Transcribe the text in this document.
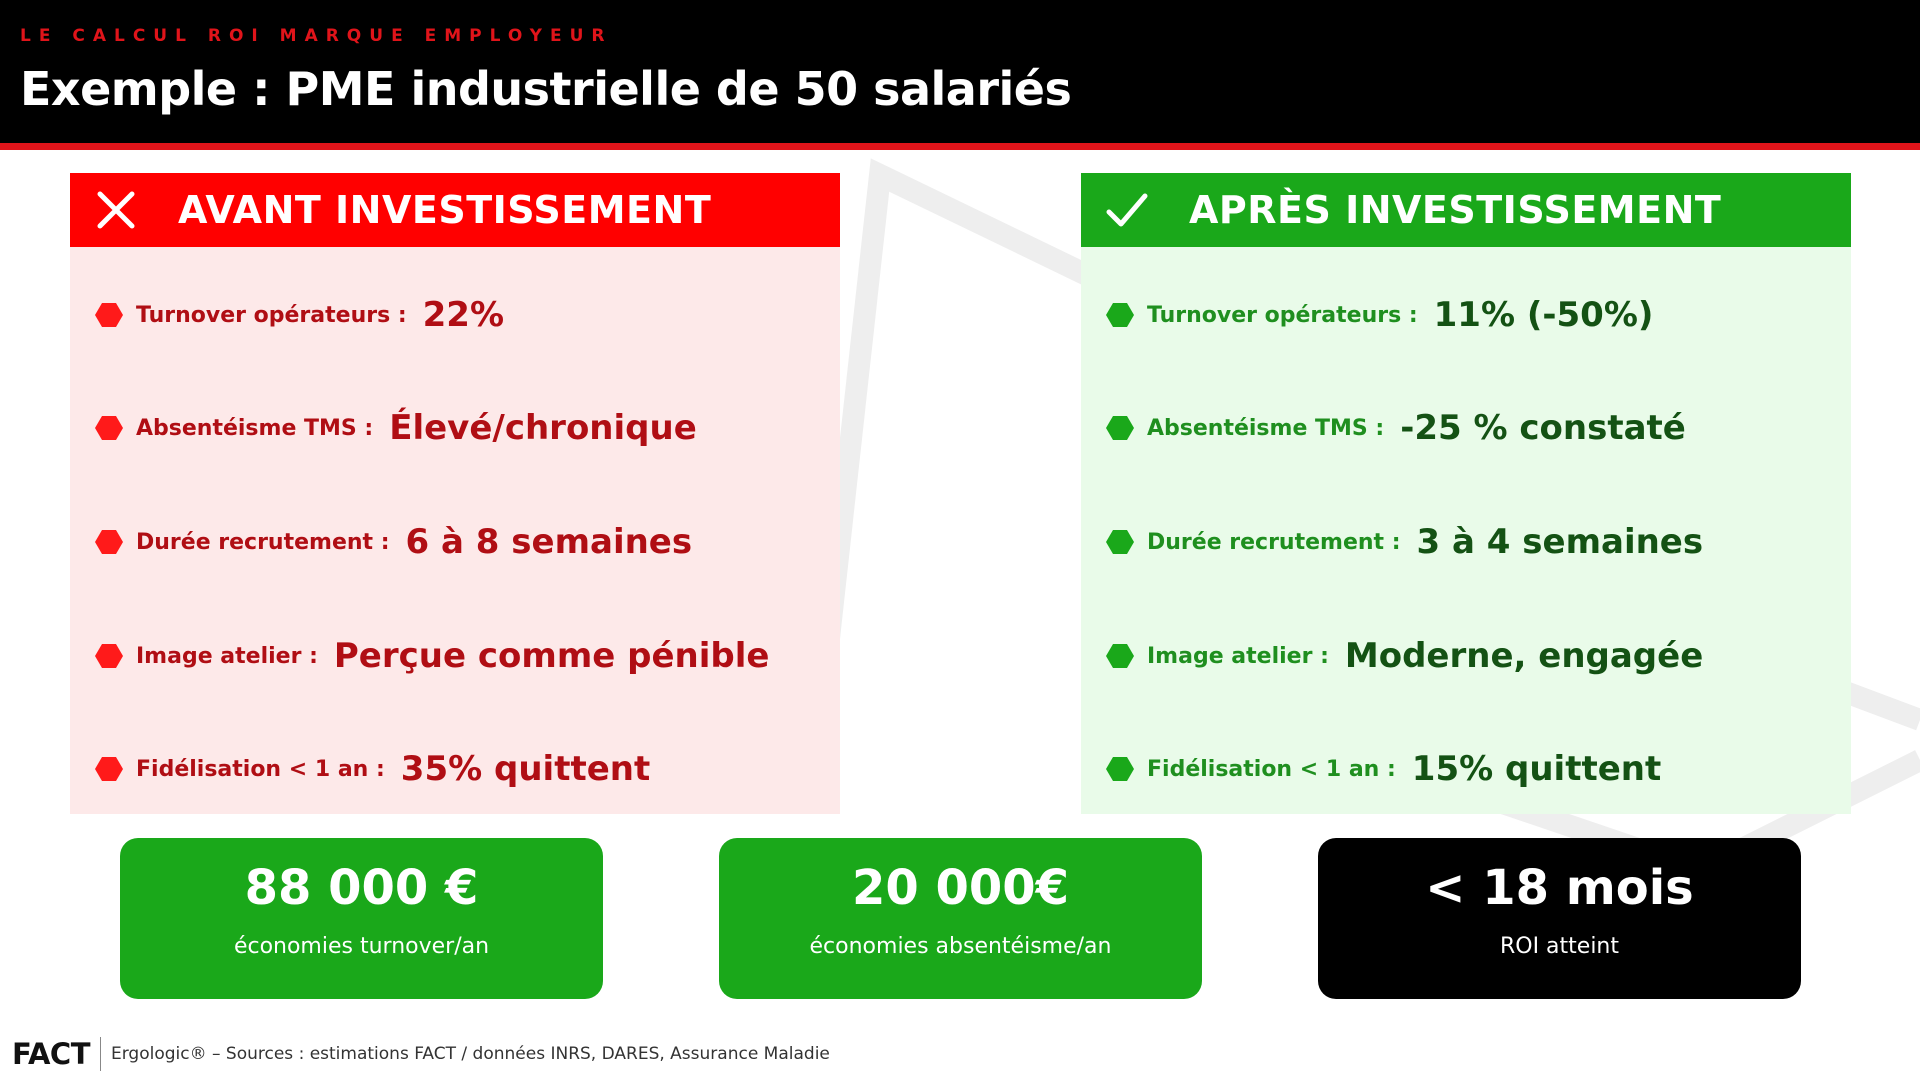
LE CALCUL ROI MARQUE EMPLOYEUR
Exemple : PME industrielle de 50 salariés
AVANT INVESTISSEMENT
Turnover opérateurs : 22%
Absentéisme TMS : Élevé/chronique
Durée recrutement : 6 à 8 semaines
Image atelier : Perçue comme pénible
Fidélisation < 1 an : 35% quittent
APRÈS INVESTISSEMENT
Turnover opérateurs : 11% (-50%)
Absentéisme TMS : -25 % constaté
Durée recrutement : 3 à 4 semaines
Image atelier : Moderne, engagée
Fidélisation < 1 an : 15% quittent
88 000 €
économies turnover/an
20 000€
économies absentéisme/an
< 18 mois
ROI atteint
FACT Ergologic® – Sources : estimations FACT / données INRS, DARES, Assurance Maladie
